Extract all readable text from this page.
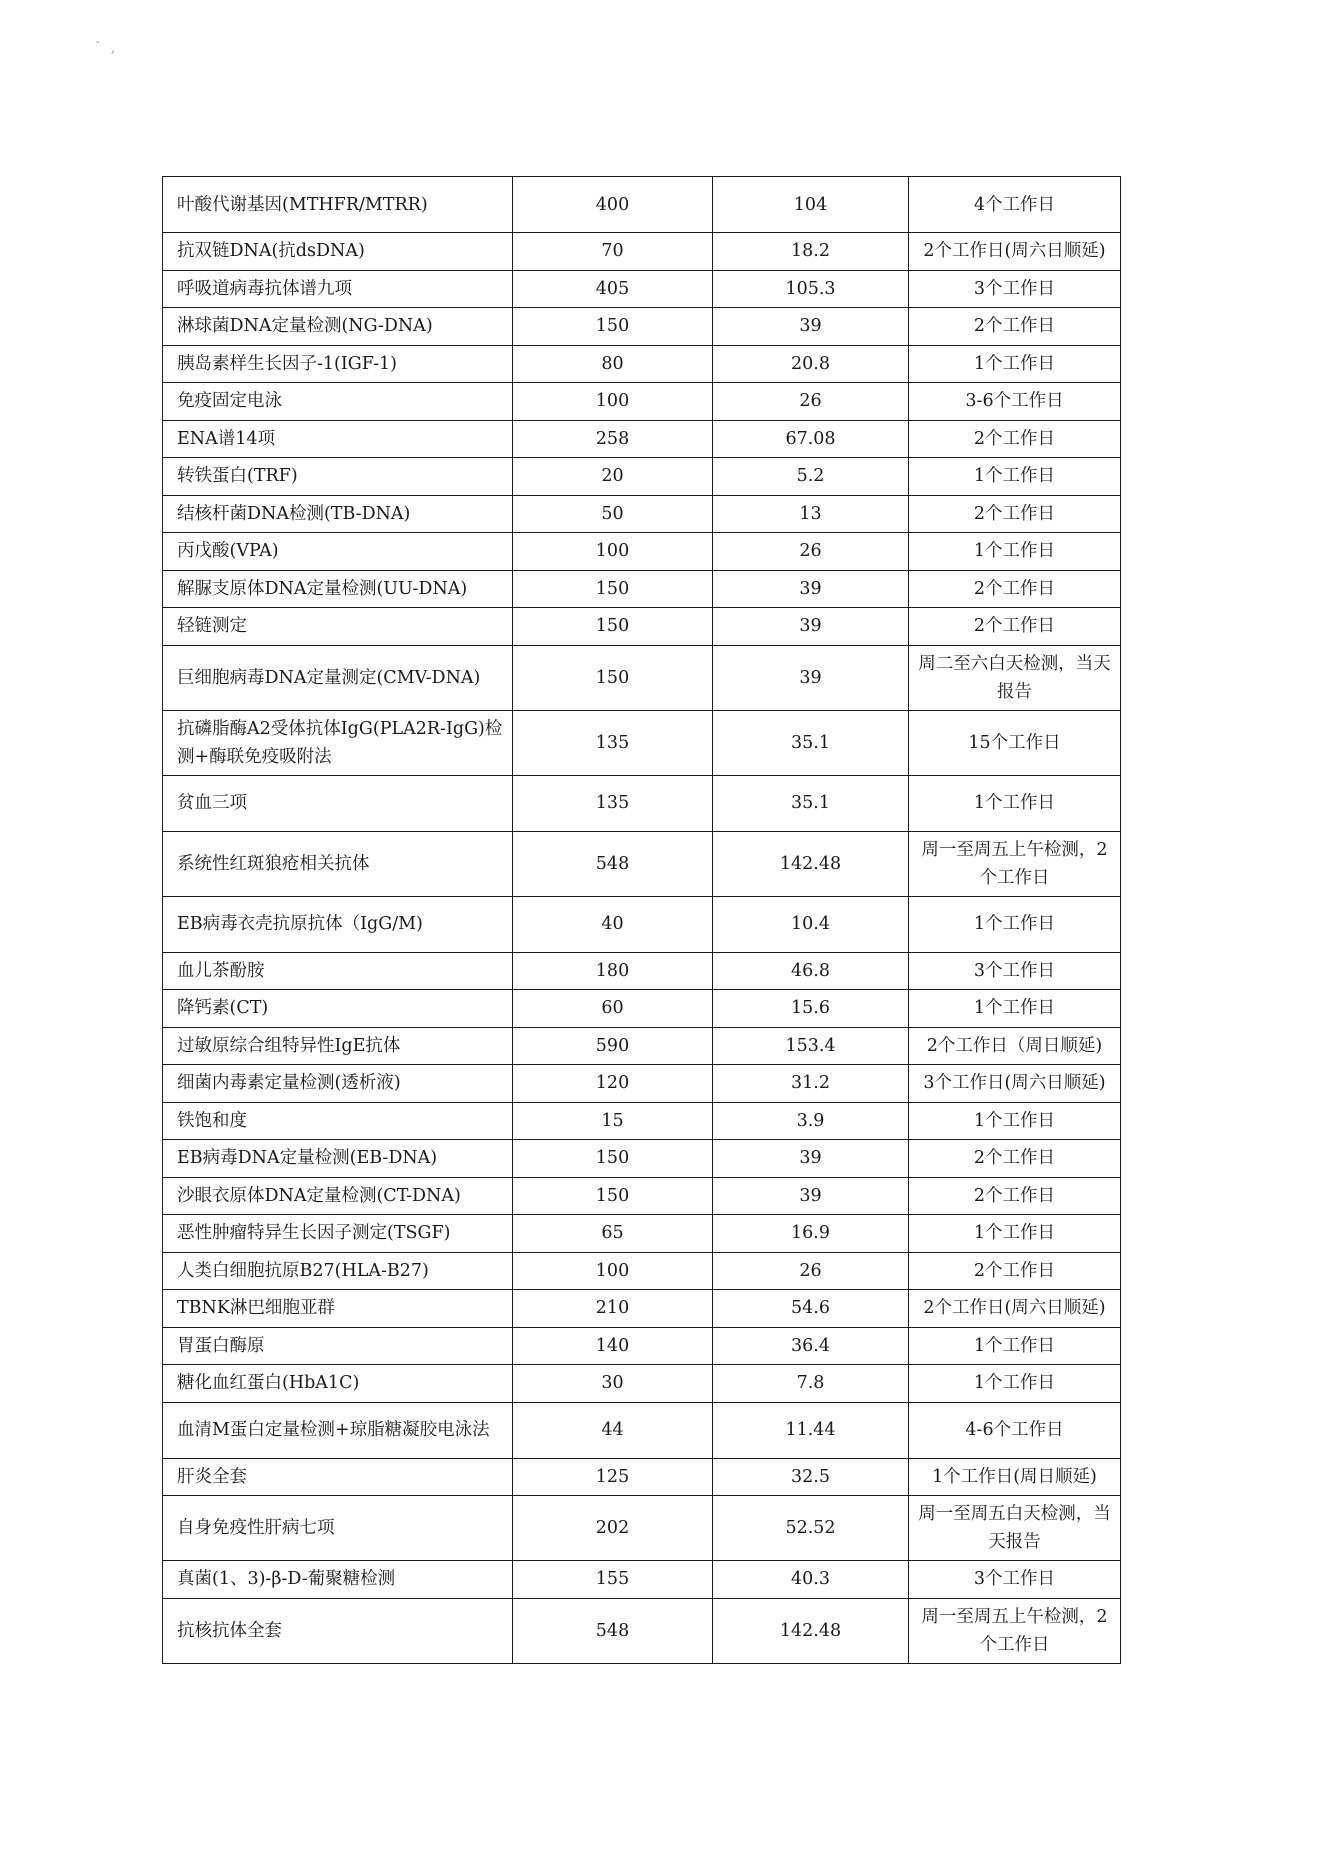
`  ,
叶酸代谢基因(MTHFR/MTRR)	400	104	4个工作日
抗双链DNA(抗dsDNA)	70	18.2	2个工作日(周六日顺延)
呼吸道病毒抗体谱九项	405	105.3	3个工作日
淋球菌DNA定量检测(NG-DNA)	150	39	2个工作日
胰岛素样生长因子-1(IGF-1)	80	20.8	1个工作日
免疫固定电泳	100	26	3-6个工作日
ENA谱14项	258	67.08	2个工作日
转铁蛋白(TRF)	20	5.2	1个工作日
结核杆菌DNA检测(TB-DNA)	50	13	2个工作日
丙戊酸(VPA)	100	26	1个工作日
解脲支原体DNA定量检测(UU-DNA)	150	39	2个工作日
轻链测定	150	39	2个工作日
巨细胞病毒DNA定量测定(CMV-DNA)	150	39	周二至六白天检测，当天报告
抗磷脂酶A2受体抗体IgG(PLA2R-IgG)检测+酶联免疫吸附法	135	35.1	15个工作日
贫血三项	135	35.1	1个工作日
系统性红斑狼疮相关抗体	548	142.48	周一至周五上午检测，2个工作日
EB病毒衣壳抗原抗体（IgG/M)	40	10.4	1个工作日
血儿茶酚胺	180	46.8	3个工作日
降钙素(CT)	60	15.6	1个工作日
过敏原综合组特异性IgE抗体	590	153.4	2个工作日（周日顺延)
细菌内毒素定量检测(透析液)	120	31.2	3个工作日(周六日顺延)
铁饱和度	15	3.9	1个工作日
EB病毒DNA定量检测(EB-DNA)	150	39	2个工作日
沙眼衣原体DNA定量检测(CT-DNA)	150	39	2个工作日
恶性肿瘤特异生长因子测定(TSGF)	65	16.9	1个工作日
人类白细胞抗原B27(HLA-B27)	100	26	2个工作日
TBNK淋巴细胞亚群	210	54.6	2个工作日(周六日顺延)
胃蛋白酶原	140	36.4	1个工作日
糖化血红蛋白(HbA1C)	30	7.8	1个工作日
血清M蛋白定量检测+琼脂糖凝胶电泳法	44	11.44	4-6个工作日
肝炎全套	125	32.5	1个工作日(周日顺延)
自身免疫性肝病七项	202	52.52	周一至周五白天检测，当天报告
真菌(1、3)-β-D-葡聚糖检测	155	40.3	3个工作日
抗核抗体全套	548	142.48	周一至周五上午检测，2个工作日
